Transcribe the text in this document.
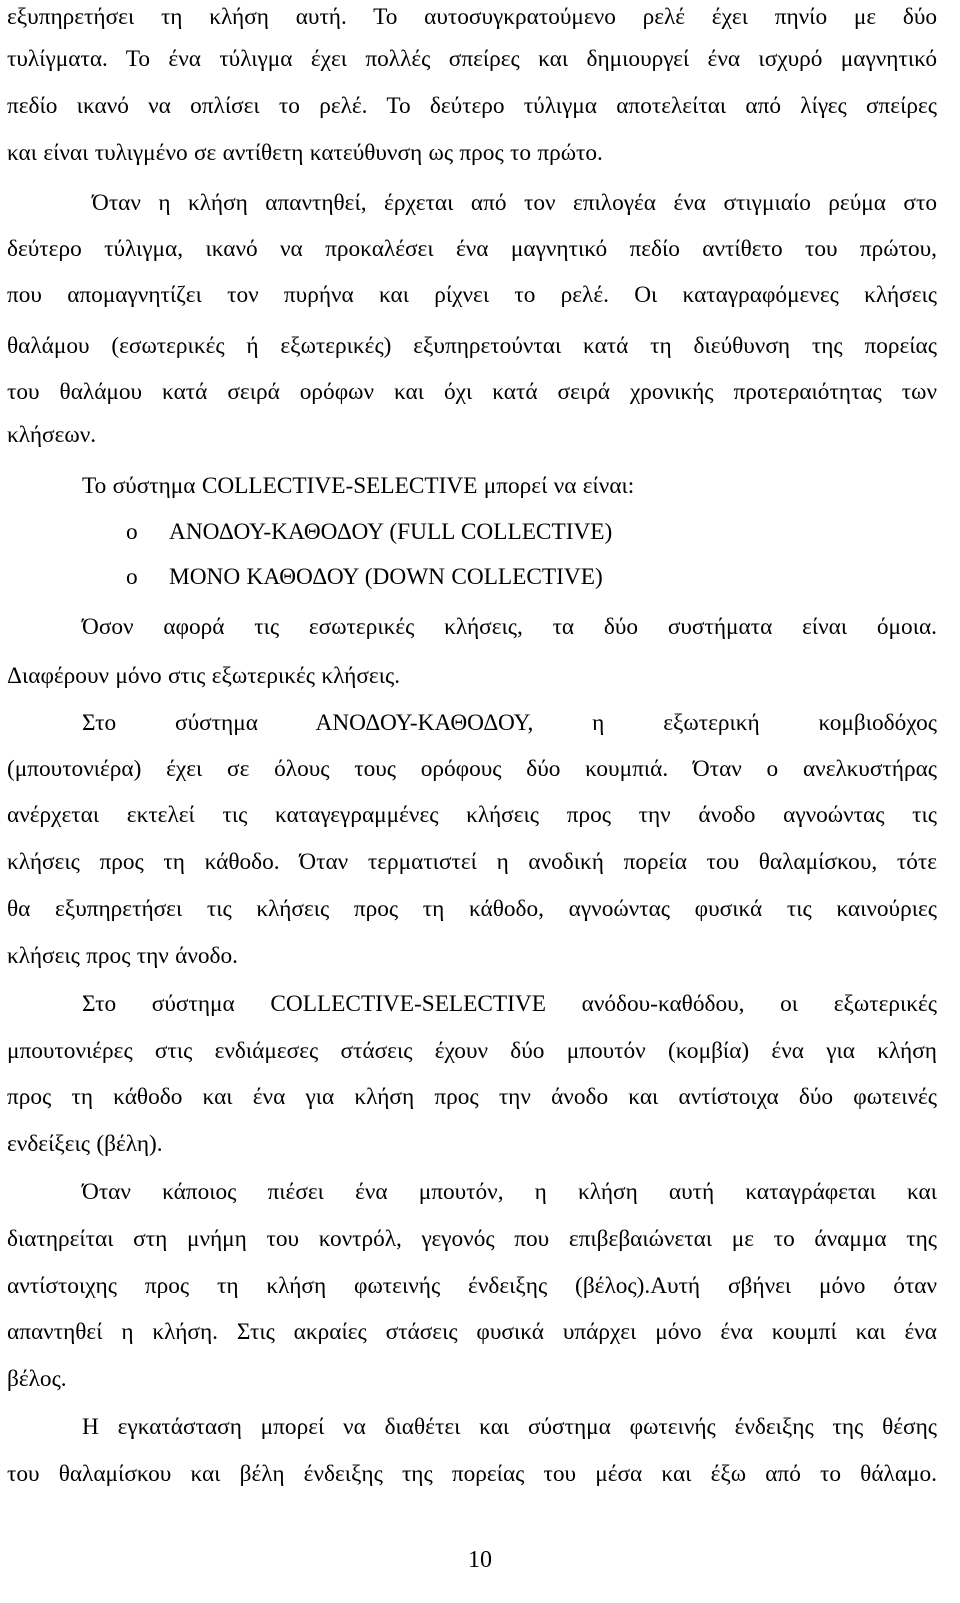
εξυπηρετήσει τη κλήση αυτή. Το αυτοσυγκρατούμενο ρελέ έχει πηνίο με δύο
τυλίγματα. Το ένα τύλιγμα έχει πολλές σπείρες και δημιουργεί ένα ισχυρό μαγνητικό
πεδίο ικανό να οπλίσει το ρελέ. Το δεύτερο τύλιγμα αποτελείται από λίγες σπείρες
και είναι τυλιγμένο σε αντίθετη κατεύθυνση ως προς το πρώτο.
Όταν η κλήση απαντηθεί, έρχεται από τον επιλογέα ένα στιγμιαίο ρεύμα στο
δεύτερο τύλιγμα, ικανό να προκαλέσει ένα μαγνητικό πεδίο αντίθετο του πρώτου,
που απομαγνητίζει τον πυρήνα και ρίχνει το ρελέ. Οι καταγραφόμενες κλήσεις
θαλάμου (εσωτερικές ή εξωτερικές) εξυπηρετούνται κατά τη διεύθυνση της πορείας
του θαλάμου κατά σειρά ορόφων και όχι κατά σειρά χρονικής προτεραιότητας των
κλήσεων.
Το σύστημα COLLECTIVE-SELECTIVE μπορεί να είναι:
o	ΑΝΟΔΟΥ-ΚΑΘΟΔΟΥ (FULL COLLECTIVE)
o	ΜΟΝΟ ΚΑΘΟΔΟΥ (DOWN COLLECTIVE)
Όσον αφορά τις εσωτερικές κλήσεις, τα δύο συστήματα είναι όμοια.
Διαφέρουν μόνο στις εξωτερικές κλήσεις.
Στο σύστημα ΑΝΟΔΟΥ-ΚΑΘΟΔΟΥ, η εξωτερική κομβιοδόχος
(μπουτονιέρα) έχει σε όλους τους ορόφους δύο κουμπιά. Όταν ο ανελκυστήρας
ανέρχεται εκτελεί τις καταγεγραμμένες κλήσεις προς την άνοδο αγνοώντας τις
κλήσεις προς τη κάθοδο. Όταν τερματιστεί η ανοδική πορεία του θαλαμίσκου, τότε
θα εξυπηρετήσει τις κλήσεις προς τη κάθοδο, αγνοώντας φυσικά τις καινούριες
κλήσεις προς την άνοδο.
Στο σύστημα COLLECTIVE-SELECTIVE ανόδου-καθόδου, οι εξωτερικές
μπουτονιέρες στις ενδιάμεσες στάσεις έχουν δύο μπουτόν (κομβία) ένα για κλήση
προς τη κάθοδο και ένα για κλήση προς την άνοδο και αντίστοιχα δύο φωτεινές
ενδείξεις (βέλη).
Όταν κάποιος πιέσει ένα μπουτόν, η κλήση αυτή καταγράφεται και
διατηρείται στη μνήμη του κοντρόλ, γεγονός που επιβεβαιώνεται με το άναμμα της
αντίστοιχης προς τη κλήση φωτεινής ένδειξης (βέλος).Αυτή σβήνει μόνο όταν
απαντηθεί η κλήση. Στις ακραίες στάσεις φυσικά υπάρχει μόνο ένα κουμπί και ένα
βέλος.
Η εγκατάσταση μπορεί να διαθέτει και σύστημα φωτεινής ένδειξης της θέσης
του θαλαμίσκου και βέλη ένδειξης της πορείας του μέσα και έξω από το θάλαμο.
10
